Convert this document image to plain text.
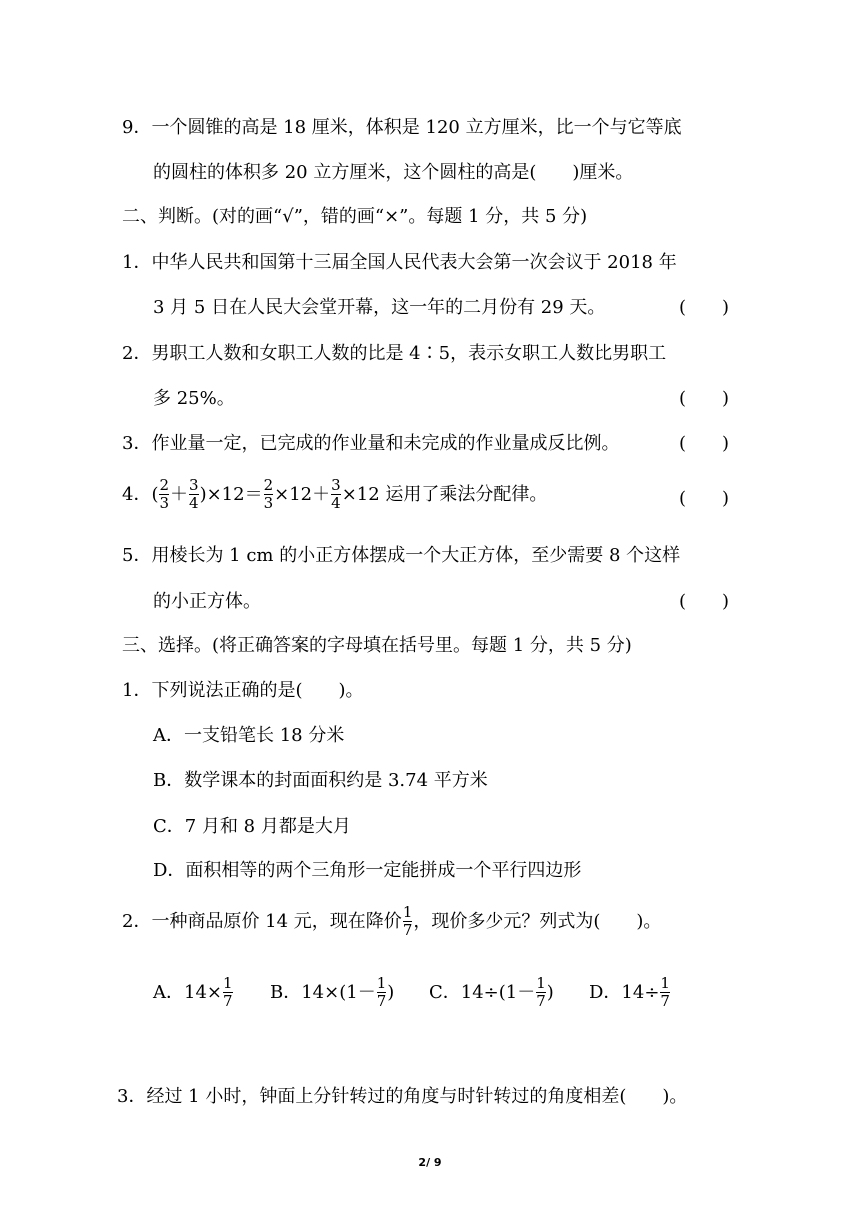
9．一个圆锥的高是 18 厘米，体积是 120 立方厘米，比一个与它等底
的圆柱的体积多 20 立方厘米，这个圆柱的高是(　　)厘米。
二、判断。(对的画“√”，错的画“×”。每题 1 分，共 5 分)
1．中华人民共和国第十三届全国人民代表大会第一次会议于 2018 年
3 月 5 日在人民大会堂开幕，这一年的二月份有 29 天。	(　　)
2．男职工人数和女职工人数的比是 4∶5，表示女职工人数比男职工
多 25%。	(　　)
3．作业量一定，已完成的作业量和未完成的作业量成反比例。	(　　)
4．( $\frac{2}{3} + \frac{3}{4} )\times 12= \frac{2}{3} \times 12+ \frac{3}{4} \times 12$ 运用了乘法分配律。	(　　)
5．用棱长为 1 cm 的小正方体摆成一个大正方体，至少需要 8 个这样
的小正方体。	(　　)
三、选择。(将正确答案的字母填在括号里。每题 1 分，共 5 分)
1．下列说法正确的是(　　)。
A．一支铅笔长 18 分米
B．数学课本的封面面积约是 3.74 平方米
C．7 月和 8 月都是大月
D．面积相等的两个三角形一定能拼成一个平行四边形
2．一种商品原价 14 元，现在降价 $\frac{1}{7}$ ，现价多少元？列式为(　　)。
A．$14\times \frac{1}{7}$ B．$14\times(1- \frac{1}{7}$ ) C．$14\div(1- \frac{1}{7}$ ) D．$14\div \frac{1}{7}$
3．经过 1 小时，钟面上分针转过的角度与时针转过的角度相差(　　)。
2/ 9
